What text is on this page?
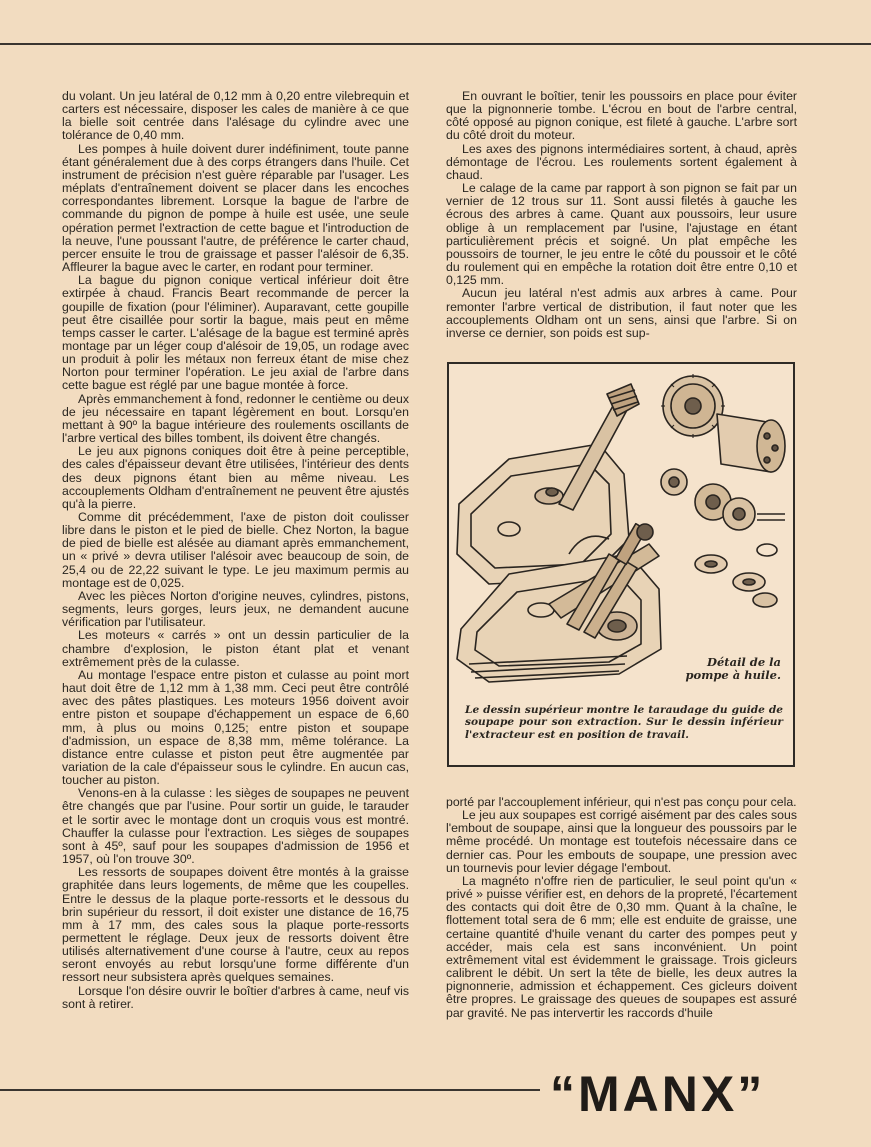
du volant. Un jeu latéral de 0,12 mm à 0,20 entre vilebrequin et carters est nécessaire, disposer les cales de manière à ce que la bielle soit centrée dans l'alésage du cylindre avec une tolérance de 0,40 mm.

Les pompes à huile doivent durer indéfiniment, toute panne étant généralement due à des corps étrangers dans l'huile. Cet instrument de précision n'est guère réparable par l'usager. Les méplats d'entraînement doivent se placer dans les encoches correspondantes librement. Lorsque la bague de l'arbre de commande du pignon de pompe à huile est usée, une seule opération permet l'extraction de cette bague et l'introduction de la neuve, l'une poussant l'autre, de préférence le carter chaud, percer ensuite le trou de graissage et passer l'alésoir de 6,35. Affleurer la bague avec le carter, en rodant pour terminer.

La bague du pignon conique vertical inférieur doit être extirpée à chaud. Francis Beart recommande de percer la goupille de fixation (pour l'éliminer). Auparavant, cette goupille peut être cisaillée pour sortir la bague, mais peut en même temps casser le carter. L'alésage de la bague est terminé après montage par un léger coup d'alésoir de 19,05, un rodage avec un produit à polir les métaux non ferreux étant de mise chez Norton pour terminer l'opération. Le jeu axial de l'arbre dans cette bague est réglé par une bague montée à force.

Après emmanchement à fond, redonner le centième ou deux de jeu nécessaire en tapant légèrement en bout. Lorsqu'en mettant à 90º la bague intérieure des roulements oscillants de l'arbre vertical des billes tombent, ils doivent être changés.

Le jeu aux pignons coniques doit être à peine perceptible, des cales d'épaisseur devant être utilisées, l'intérieur des dents des deux pignons étant bien au même niveau. Les accouplements Oldham d'entraînement ne peuvent être ajustés qu'à la pierre.

Comme dit précédemment, l'axe de piston doit coulisser libre dans le piston et le pied de bielle. Chez Norton, la bague de pied de bielle est alésée au diamant après emmanchement, un « privé » devra utiliser l'alésoir avec beaucoup de soin, de 25,4 ou de 22,22 suivant le type. Le jeu maximum permis au montage est de 0,025.

Avec les pièces Norton d'origine neuves, cylindres, pistons, segments, leurs gorges, leurs jeux, ne demandent aucune vérification par l'utilisateur.

Les moteurs « carrés » ont un dessin particulier de la chambre d'explosion, le piston étant plat et venant extrêmement près de la culasse.

Au montage l'espace entre piston et culasse au point mort haut doit être de 1,12 mm à 1,38 mm. Ceci peut être contrôlé avec des pâtes plastiques. Les moteurs 1956 doivent avoir entre piston et soupape d'échappement un espace de 6,60 mm, à plus ou moins 0,125; entre piston et soupape d'admission, un espace de 8,38 mm, même tolérance. La distance entre culasse et piston peut être augmentée par variation de la cale d'épaisseur sous le cylindre. En aucun cas, toucher au piston.

Venons-en à la culasse : les sièges de soupapes ne peuvent être changés que par l'usine. Pour sortir un guide, le tarauder et le sortir avec le montage dont un croquis vous est montré. Chauffer la culasse pour l'extraction. Les sièges de soupapes sont à 45º, sauf pour les soupapes d'admission de 1956 et 1957, où l'on trouve 30º.

Les ressorts de soupapes doivent être montés à la graisse graphitée dans leurs logements, de même que les coupelles. Entre le dessus de la plaque porte-ressorts et le dessous du brin supérieur du ressort, il doit exister une distance de 16,75 mm à 17 mm, des cales sous la plaque porte-ressorts permettent le réglage. Deux jeux de ressorts doivent être utilisés alternativement d'une course à l'autre, ceux au repos seront envoyés au rebut lorsqu'une forme différente d'un ressort neur subsistera après quelques semaines.

Lorsque l'on désire ouvrir le boîtier d'arbres à came, neuf vis sont à retirer.

En ouvrant le boîtier, tenir les poussoirs en place pour éviter que la pignonnerie tombe. L'écrou en bout de l'arbre central, côté opposé au pignon conique, est fileté à gauche. L'arbre sort du côté droit du moteur.

Les axes des pignons intermédiaires sortent, à chaud, après démontage de l'écrou. Les roulements sortent également à chaud.

Le calage de la came par rapport à son pignon se fait par un vernier de 12 trous sur 11. Sont aussi filetés à gauche les écrous des arbres à came. Quant aux poussoirs, leur usure oblige à un remplacement par l'usine, l'ajustage en étant particulièrement précis et soigné. Un plat empêche les poussoirs de tourner, le jeu entre le côté du poussoir et le côté du roulement qui en empêche la rotation doit être entre 0,10 et 0,125 mm.

Aucun jeu latéral n'est admis aux arbres à came. Pour remonter l'arbre vertical de distribution, il faut noter que les accouplements Oldham ont un sens, ainsi que l'arbre. Si on inverse ce dernier, son poids est sup-

Détail de la pompe à huile.
Le dessin supérieur montre le taraudage du guide de soupape pour son extraction. Sur le dessin inférieur l'extracteur est en position de travail.

porté par l'accouplement inférieur, qui n'est pas conçu pour cela.

Le jeu aux soupapes est corrigé aisément par des cales sous l'embout de soupape, ainsi que la longueur des poussoirs par le même procédé. Un montage est toutefois nécessaire dans ce dernier cas. Pour les embouts de soupape, une pression avec un tournevis pour levier dégage l'embout.

La magnéto n'offre rien de particulier, le seul point qu'un « privé » puisse vérifier est, en dehors de la propreté, l'écartement des contacts qui doit être de 0,30 mm. Quant à la chaîne, le flottement total sera de 6 mm; elle est enduite de graisse, une certaine quantité d'huile venant du carter des pompes peut y accéder, mais cela est sans inconvénient. Un point extrêmement vital est évidemment le graissage. Trois gicleurs calibrent le débit. Un sert la tête de bielle, les deux autres la pignonnerie, admission et échappement. Ces gicleurs doivent être propres. Le graissage des queues de soupapes est assuré par gravité. Ne pas intervertir les raccords d'huile

“MANX”
